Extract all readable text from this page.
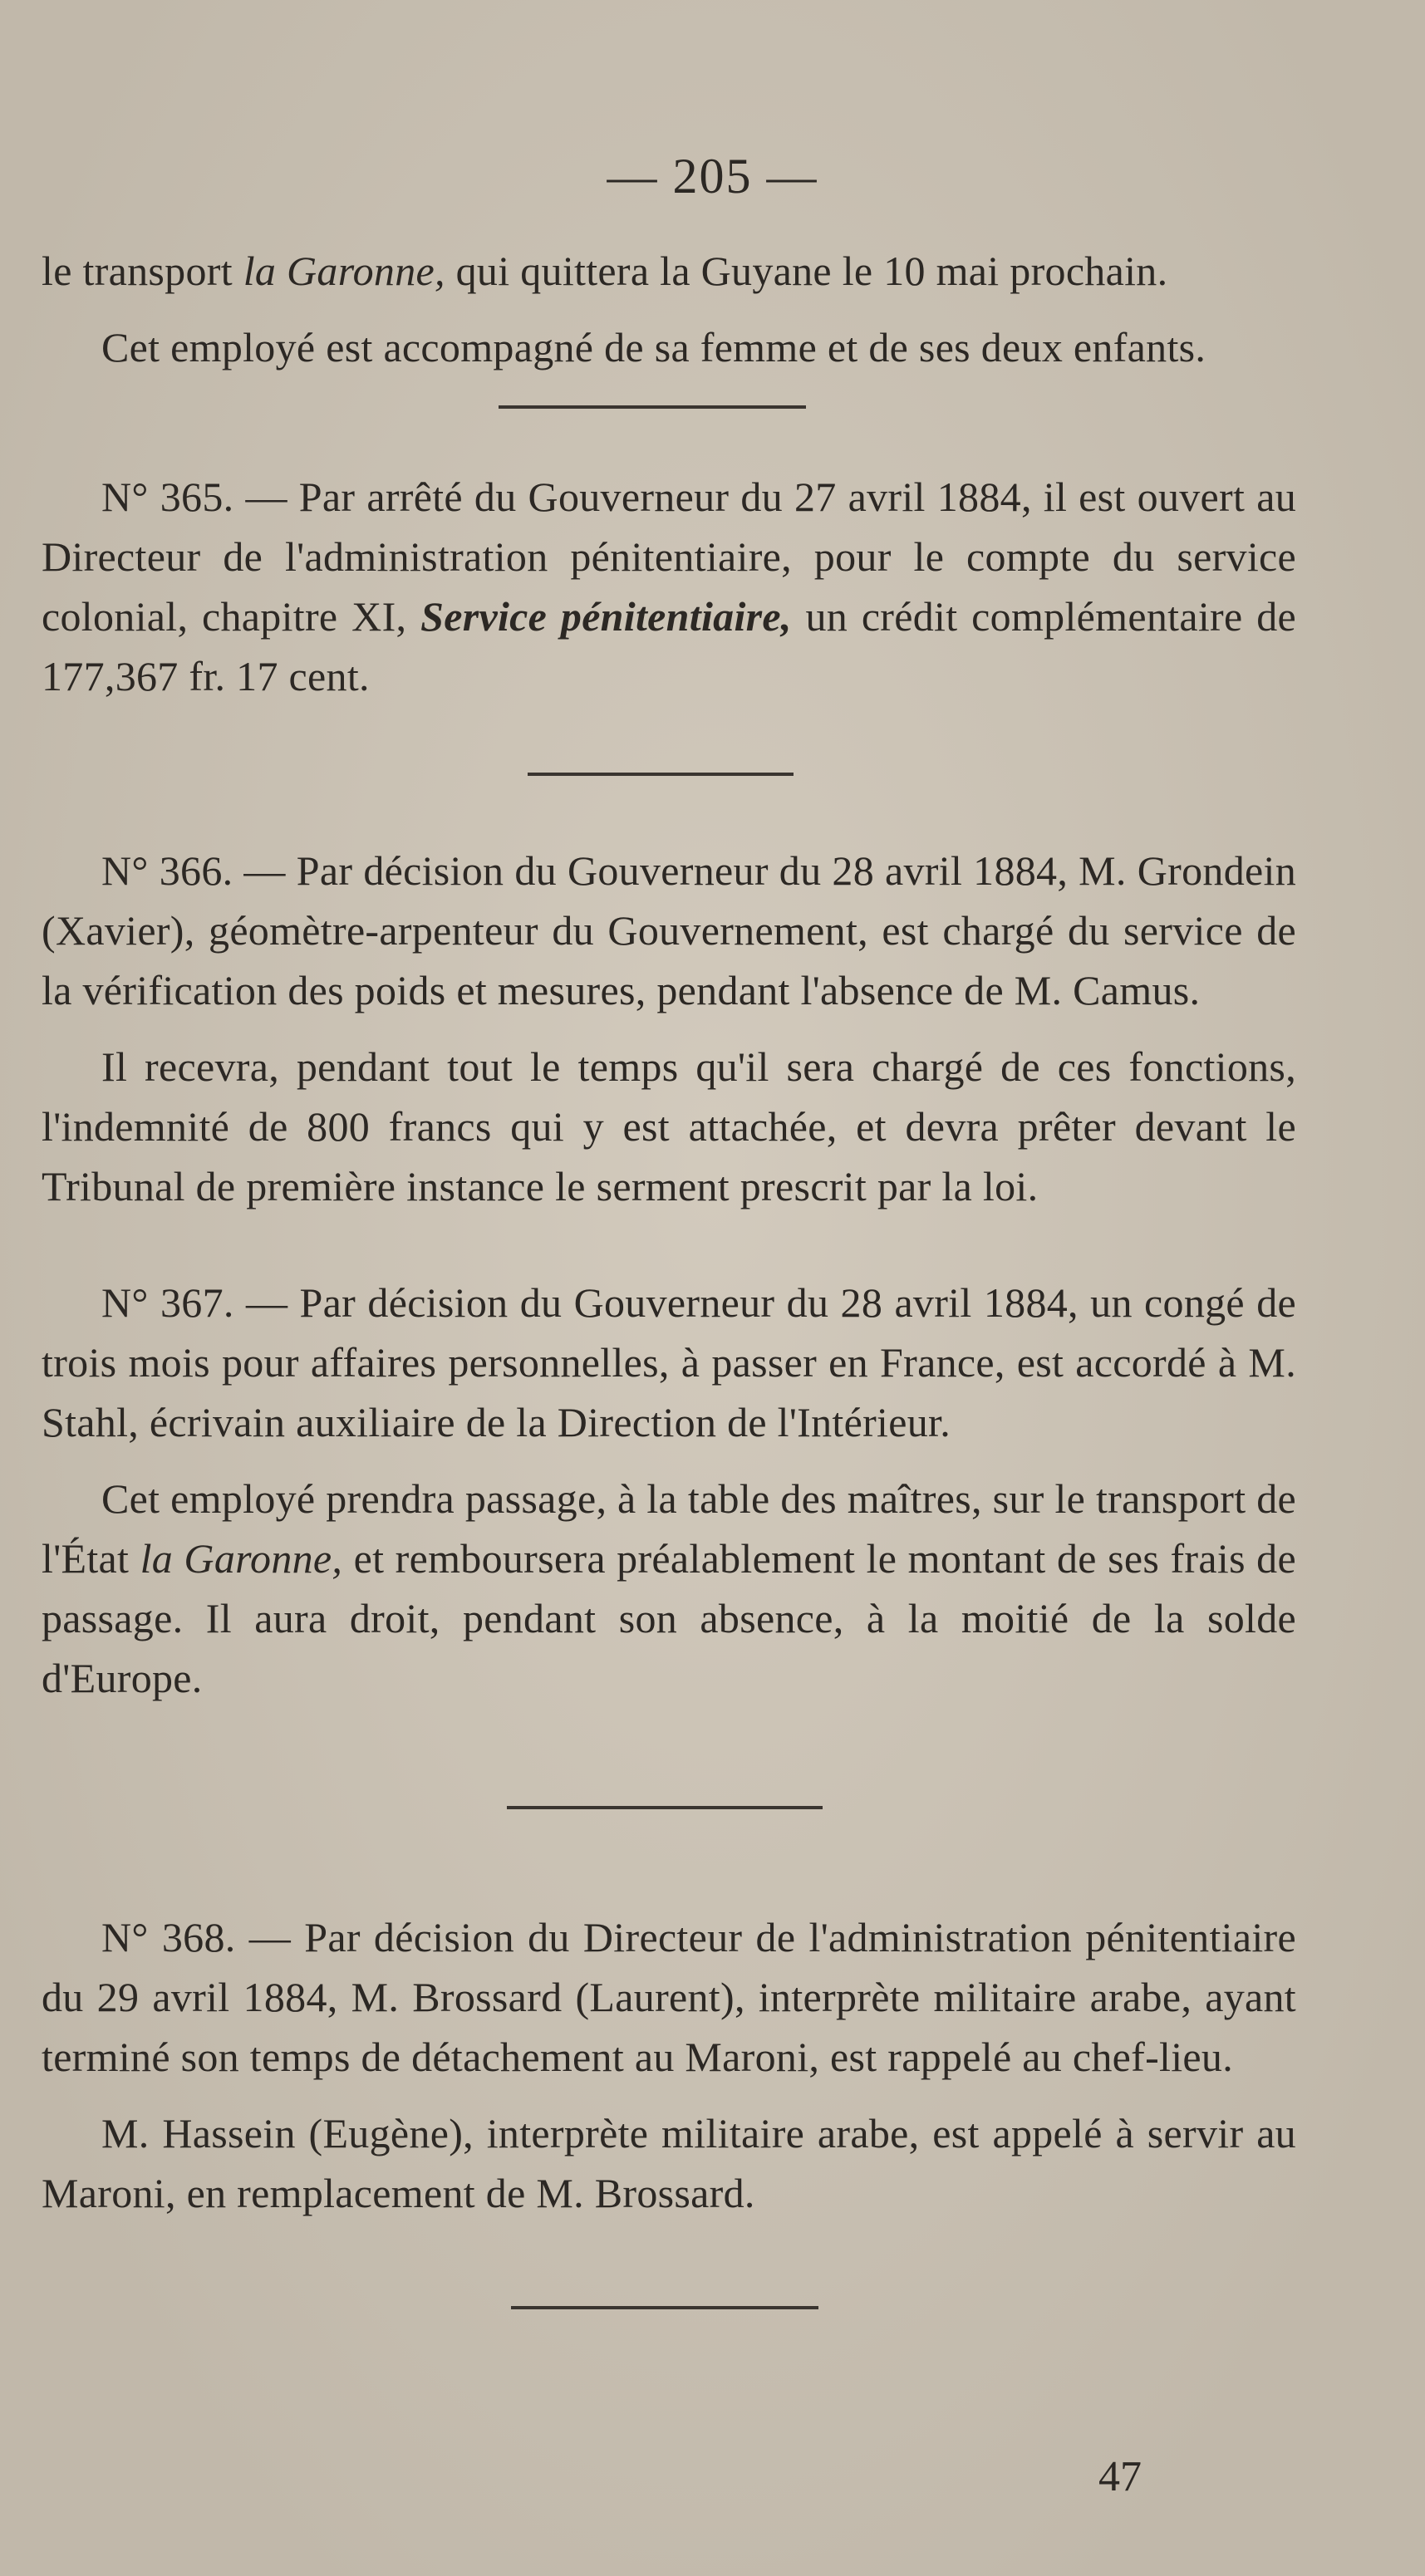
— 205 —

le transport la Garonne, qui quittera la Guyane le 10 mai prochain.

Cet employé est accompagné de sa femme et de ses deux enfants.

N° 365. — Par arrêté du Gouverneur du 27 avril 1884, il est ouvert au Directeur de l'administration pénitentiaire, pour le compte du service colonial, chapitre XI, Service pénitentiaire, un crédit complémentaire de 177,367 fr. 17 cent.

N° 366. — Par décision du Gouverneur du 28 avril 1884, M. Grondein (Xavier), géomètre-arpenteur du Gouvernement, est chargé du service de la vérification des poids et mesures, pendant l'absence de M. Camus.

Il recevra, pendant tout le temps qu'il sera chargé de ces fonctions, l'indemnité de 800 francs qui y est attachée, et devra prêter devant le Tribunal de première instance le serment prescrit par la loi.

N° 367. — Par décision du Gouverneur du 28 avril 1884, un congé de trois mois pour affaires personnelles, à passer en France, est accordé à M. Stahl, écrivain auxiliaire de la Direction de l'Intérieur.

Cet employé prendra passage, à la table des maîtres, sur le transport de l'État la Garonne, et remboursera préalablement le montant de ses frais de passage. Il aura droit, pendant son absence, à la moitié de la solde d'Europe.

N° 368. — Par décision du Directeur de l'administration pénitentiaire du 29 avril 1884, M. Brossard (Laurent), interprète militaire arabe, ayant terminé son temps de détachement au Maroni, est rappelé au chef-lieu.

M. Hassein (Eugène), interprète militaire arabe, est appelé à servir au Maroni, en remplacement de M. Brossard.

47
